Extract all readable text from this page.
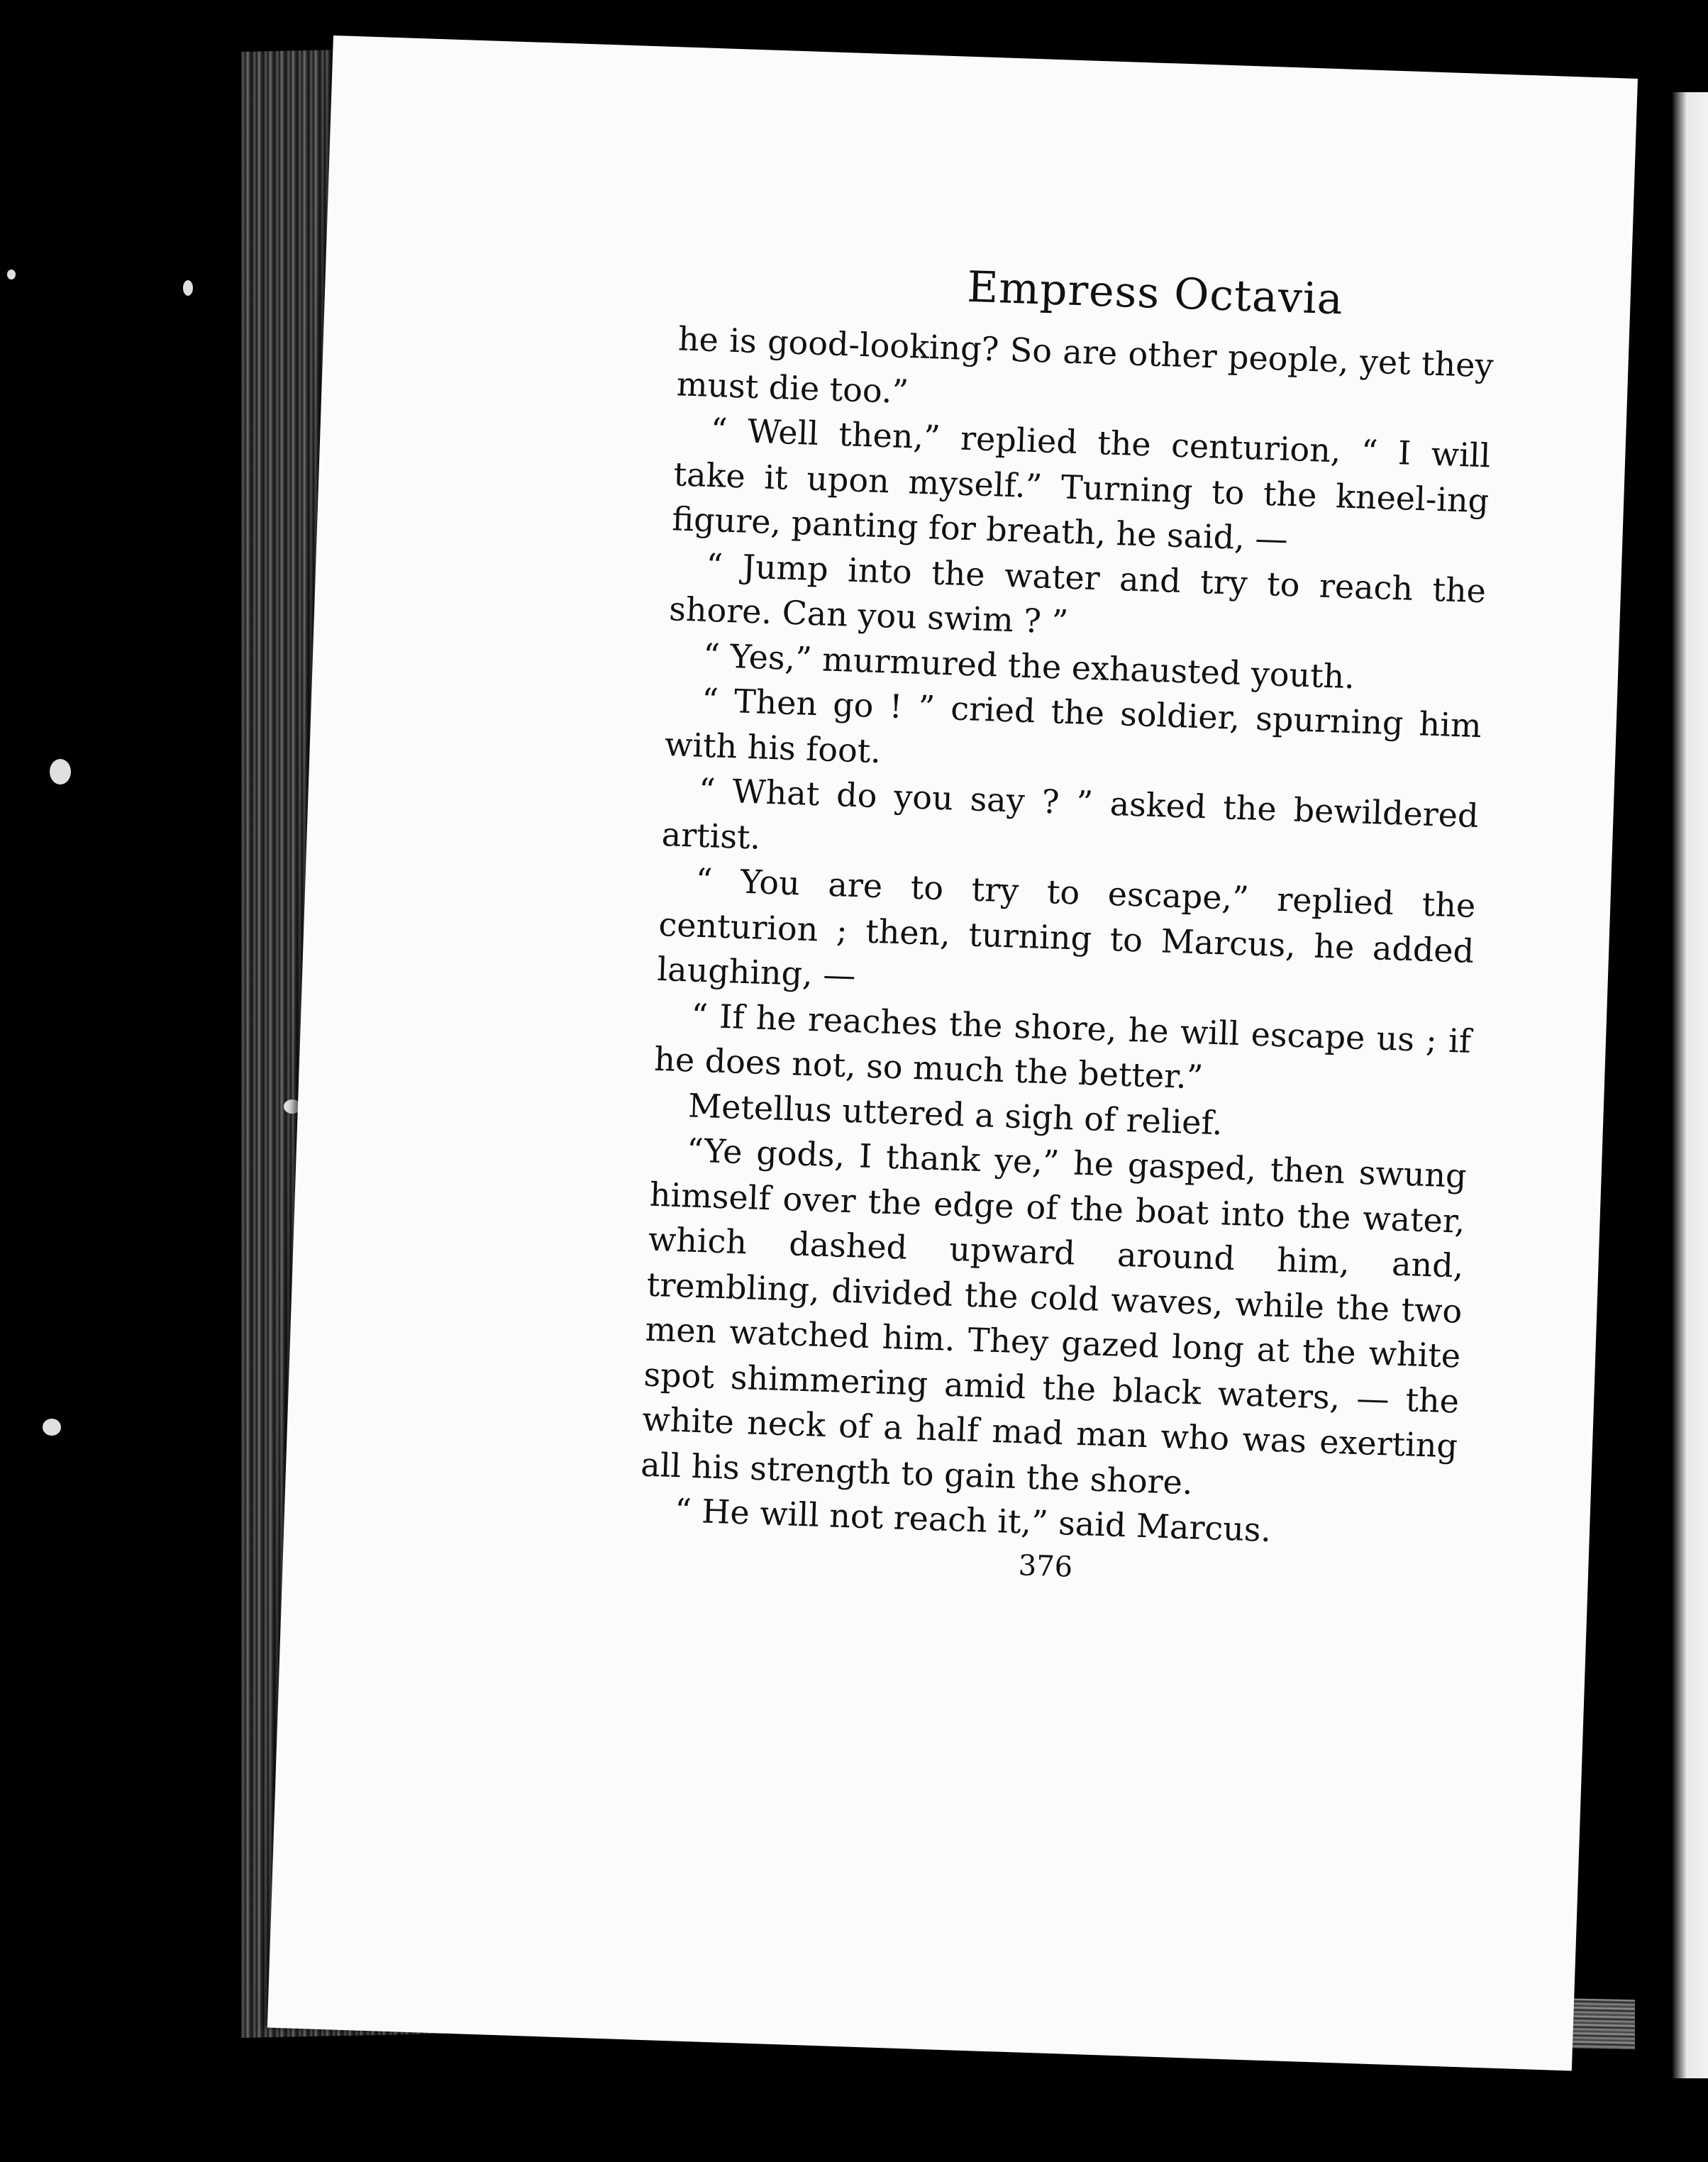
Empress Octavia

he is good-looking? So are other people, yet they must die too.”

“ Well then,” replied the centurion, “ I will take it upon myself.” Turning to the kneel-ing figure, panting for breath, he said, —

“ Jump into the water and try to reach the shore. Can you swim ? ”

“ Yes,” murmured the exhausted youth.

“ Then go ! ” cried the soldier, spurning him with his foot.

“ What do you say ? ” asked the bewildered artist.

“ You are to try to escape,” replied the centurion ; then, turning to Marcus, he added laughing, —

“ If he reaches the shore, he will escape us ; if he does not, so much the better.”

Metellus uttered a sigh of relief.

“Ye gods, I thank ye,” he gasped, then swung himself over the edge of the boat into the water, which dashed upward around him, and, trembling, divided the cold waves, while the two men watched him. They gazed long at the white spot shimmering amid the black waters, — the white neck of a half mad man who was exerting all his strength to gain the shore.

“ He will not reach it,” said Marcus.

376
